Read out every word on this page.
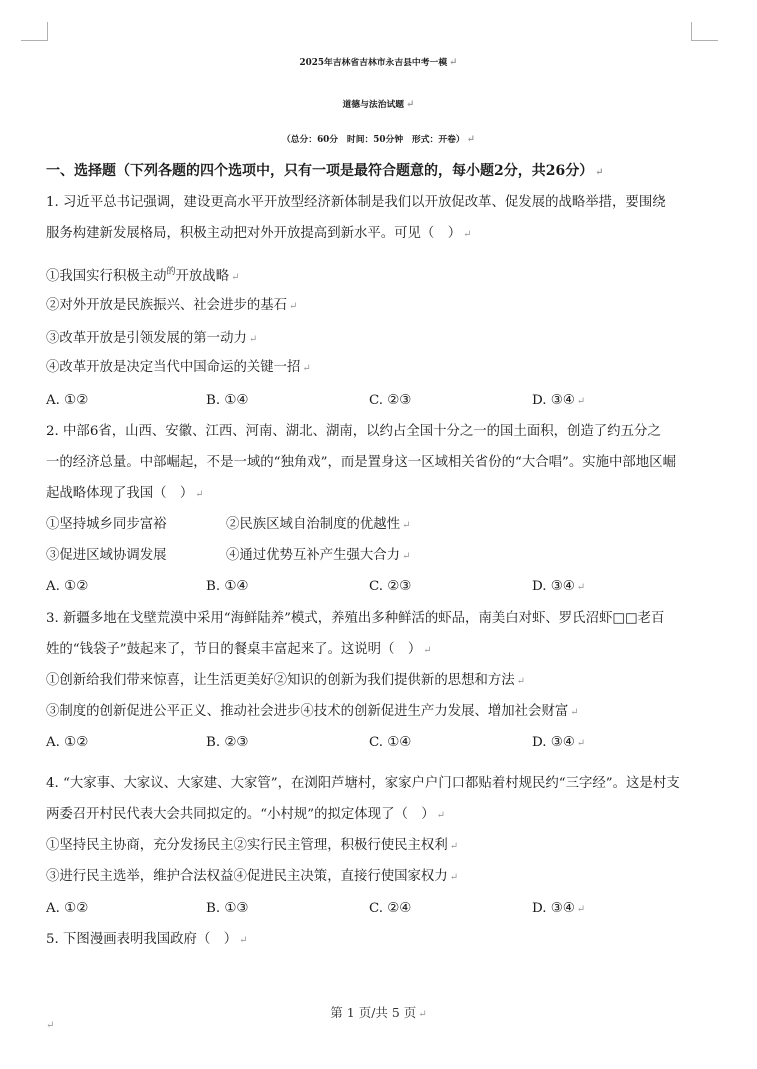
2025年吉林省吉林市永吉县中考一模 ↵
道德与法治试题 ↵
（总分：60分　时间：50分钟　形式：开卷） ↵
一、选择题（下列各题的四个选项中，只有一项是最符合题意的，每小题2分，共26分） ↵
1. 习近平总书记强调，建设更高水平开放型经济新体制是我们以开放促改革、促发展的战略举措，要围绕
服务构建新发展格局，积极主动把对外开放提高到新水平。可见（　） ↵
①我国实行积极主动$^的$开放战略 ↵
②对外开放是民族振兴、社会进步的基石 ↵
③改革开放是引领发展的第一动力 ↵
④改革开放是决定当代中国命运的关键一招 ↵
A. ①②	B. ①④	C. ②③	D. ③④ ↵
2. 中部6省，山西、安徽、江西、河南、湖北、湖南，以约占全国十分之一的国土面积，创造了约五分之
一的经济总量。中部崛起，不是一域的“独角戏”，而是置身这一区域相关省份的“大合唱”。实施中部地区崛
起战略体现了我国（　） ↵
①坚持城乡同步富裕	②民族区域自治制度的优越性 ↵
③促进区域协调发展	④通过优势互补产生强大合力 ↵
A. ①②	B. ①④	C. ②③	D. ③④ ↵
3. 新疆多地在戈壁荒漠中采用“海鲜陆养”模式，养殖出多种鲜活的虾品，南美白对虾、罗氏沼虾□□老百
姓的“钱袋子”鼓起来了，节日的餐桌丰富起来了。这说明（　） ↵
①创新给我们带来惊喜，让生活更美好②知识的创新为我们提供新的思想和方法 ↵
③制度的创新促进公平正义、推动社会进步④技术的创新促进生产力发展、增加社会财富 ↵
A. ①②	B. ②③	C. ①④	D. ③④ ↵
4. “大家事、大家议、大家建、大家管”，在浏阳芦塘村，家家户户门口都贴着村规民约“三字经”。这是村支
两委召开村民代表大会共同拟定的。“小村规”的拟定体现了（　） ↵
①坚持民主协商，充分发扬民主②实行民主管理，积极行使民主权利 ↵
③进行民主选举，维护合法权益④促进民主决策，直接行使国家权力 ↵
A. ①②	B. ①③	C. ②④	D. ③④ ↵
5. 下图漫画表明我国政府（　） ↵
第 1 页/共 5 页 ↵
↵
